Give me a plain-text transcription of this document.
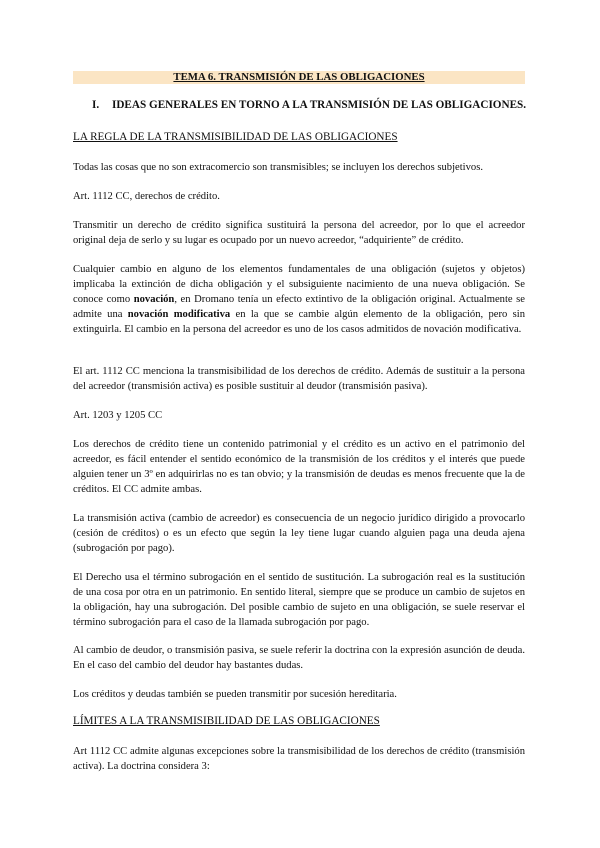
TEMA 6. TRANSMISIÓN DE LAS OBLIGACIONES
I. IDEAS GENERALES EN TORNO A LA TRANSMISIÓN DE LAS OBLIGACIONES.
LA REGLA DE LA TRANSMISIBILIDAD DE LAS OBLIGACIONES
Todas las cosas que no son extracomercio son transmisibles; se incluyen los derechos subjetivos.
Art. 1112 CC, derechos de crédito.
Transmitir un derecho de crédito significa sustituirá la persona del acreedor, por lo que el acreedor original deja de serlo y su lugar es ocupado por un nuevo acreedor, “adquiriente” de crédito.
Cualquier cambio en alguno de los elementos fundamentales de una obligación (sujetos y objetos) implicaba la extinción de dicha obligación y el subsiguiente nacimiento de una nueva obligación. Se conoce como novación, en Dromano tenía un efecto extintivo de la obligación original. Actualmente se admite una novación modificativa en la que se cambie algún elemento de la obligación, pero sin extinguirla. El cambio en la persona del acreedor es uno de los casos admitidos de novación modificativa.
El art. 1112 CC menciona la transmisibilidad de los derechos de crédito. Además de sustituir a la persona del acreedor (transmisión activa) es posible sustituir al deudor (transmisión pasiva).
Art. 1203 y 1205 CC
Los derechos de crédito tiene un contenido patrimonial y el crédito es un activo en el patrimonio del acreedor, es fácil entender el sentido económico de la transmisión de los créditos y el interés que puede alguien tener un 3º en adquirirlas no es tan obvio; y la transmisión de deudas es menos frecuente que la de créditos. El CC admite ambas.
La transmisión activa (cambio de acreedor) es consecuencia de un negocio jurídico dirigido a provocarlo (cesión de créditos) o es un efecto que según la ley tiene lugar cuando alguien paga una deuda ajena (subrogación por pago).
El Derecho usa el término subrogación en el sentido de sustitución. La subrogación real es la sustitución de una cosa por otra en un patrimonio. En sentido literal, siempre que se produce un cambio de sujetos en la obligación, hay una subrogación. Del posible cambio de sujeto en una obligación, se suele reservar el término subrogación para el caso de la llamada subrogación por pago.
Al cambio de deudor, o transmisión pasiva, se suele referir la doctrina con la expresión asunción de deuda. En el caso del cambio del deudor hay bastantes dudas.
Los créditos y deudas también se pueden transmitir por sucesión hereditaria.
LÍMITES A LA TRANSMISIBILIDAD DE LAS OBLIGACIONES
Art 1112 CC admite algunas excepciones sobre la transmisibilidad de los derechos de crédito (transmisión activa). La doctrina considera 3:
